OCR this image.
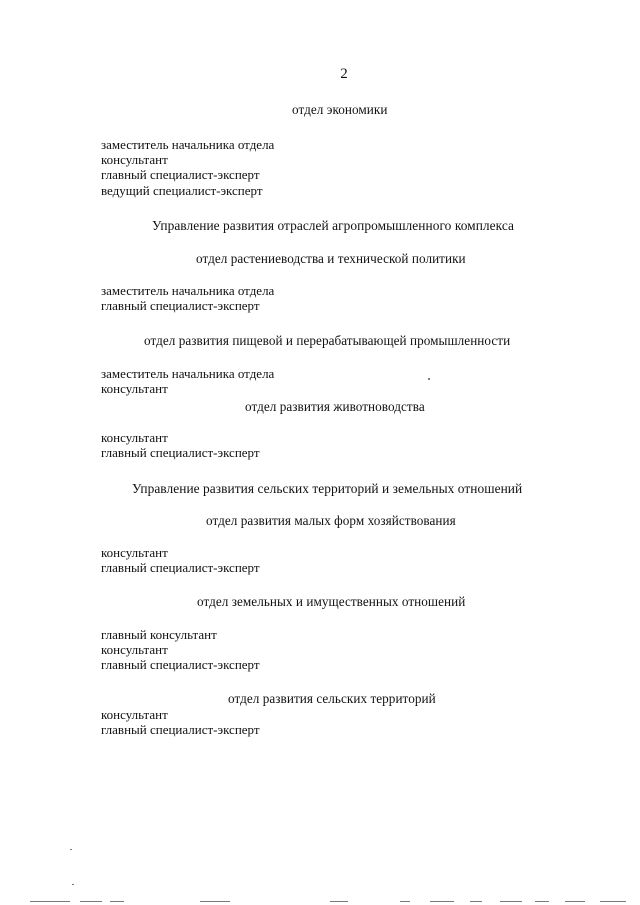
2
отдел экономики
заместитель начальника отдела
консультант
главный специалист-эксперт
ведущий специалист-эксперт
Управление развития отраслей агропромышленного комплекса
отдел растениеводства и технической политики
заместитель начальника отдела
главный специалист-эксперт
отдел развития пищевой и перерабатывающей промышленности
заместитель начальника отдела
консультант
отдел развития животноводства
консультант
главный специалист-эксперт
Управление развития сельских территорий и земельных отношений
отдел развития малых форм хозяйствования
консультант
главный специалист-эксперт
отдел земельных и имущественных отношений
главный консультант
консультант
главный специалист-эксперт
отдел развития сельских территорий
консультант
главный специалист-эксперт
